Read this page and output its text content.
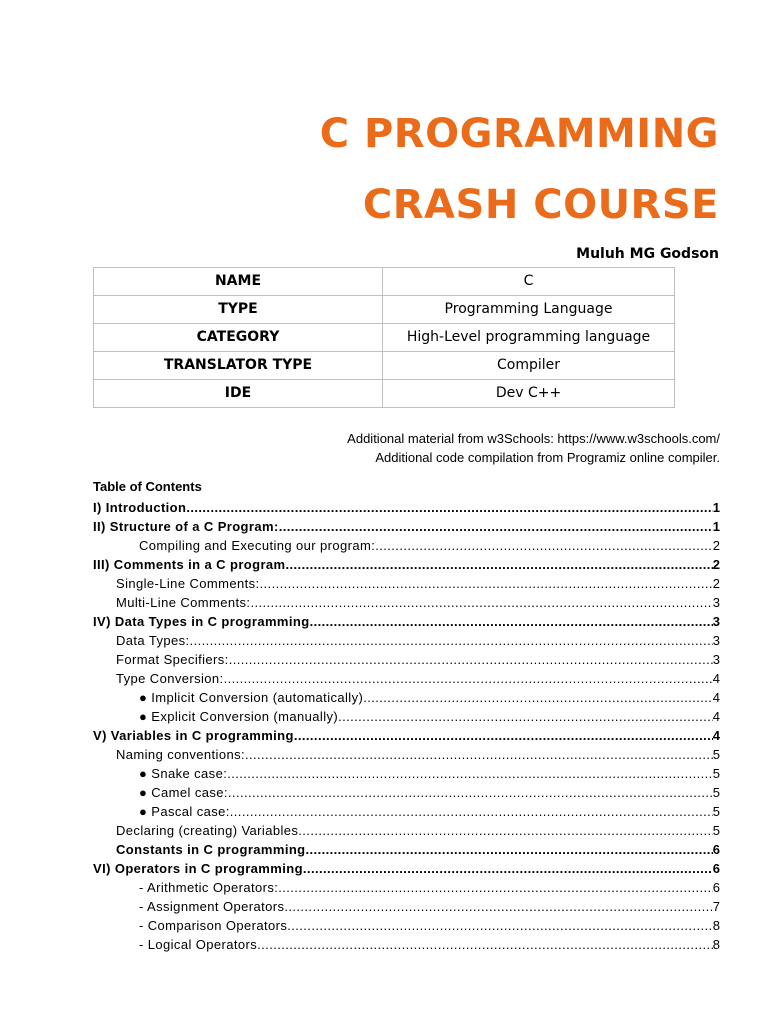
C PROGRAMMING
CRASH COURSE
Muluh MG Godson
NAME	C
TYPE	Programming Language
CATEGORY	High-Level programming language
TRANSLATOR TYPE	Compiler
IDE	Dev C++
Additional material from w3Schools: https://www.w3schools.com/
Additional code compilation from Programiz online compiler.
Table of Contents
I) Introduction .....	1
II) Structure of a C Program: .....	1
Compiling and Executing our program: .....	2
III) Comments in a C program .....	2
Single-Line Comments: .....	2
Multi-Line Comments: .....	3
IV) Data Types in C programming .....	3
Data Types: .....	3
Format Specifiers: .....	3
Type Conversion: .....	4
● Implicit Conversion (automatically) .....	4
● Explicit Conversion (manually) .....	4
V) Variables in C programming .....	4
Naming conventions: .....	5
● Snake case: .....	5
● Camel case: .....	5
● Pascal case: .....	5
Declaring (creating) Variables .....	5
Constants in C programming .....	6
VI) Operators in C programming .....	6
- Arithmetic Operators: .....	6
- Assignment Operators .....	7
- Comparison Operators .....	8
- Logical Operators .....	8
